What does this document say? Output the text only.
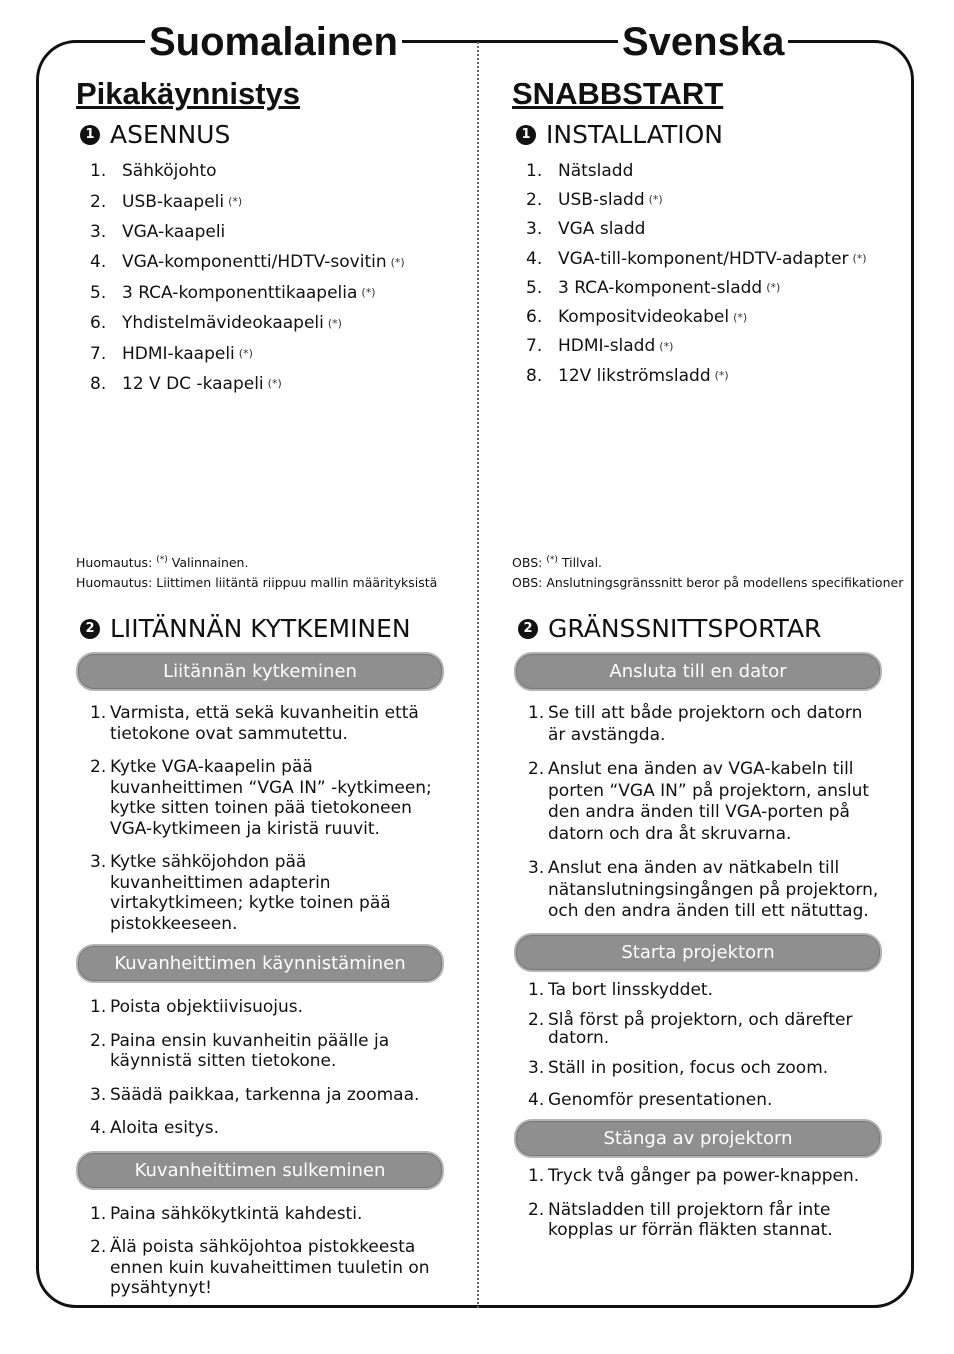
Suomalainen	Svenska
Pikakäynnistys
1 ASENNUS
1. Sähköjohto
2. USB-kaapeli (*)
3. VGA-kaapeli
4. VGA-komponentti/HDTV-sovitin (*)
5. 3 RCA-komponenttikaapelia (*)
6. Yhdistelmävideokaapeli (*)
7. HDMI-kaapeli (*)
8. 12 V DC -kaapeli (*)
Huomautus: (*) Valinnainen.
Huomautus: Liittimen liitäntä riippuu mallin määrityksistä
2 LIITÄNNÄN KYTKEMINEN
Liitännän kytkeminen
1. Varmista, että sekä kuvanheitin että tietokone ovat sammutettu.
2. Kytke VGA-kaapelin pää kuvanheittimen “VGA IN” -kytkimeen; kytke sitten toinen pää tietokoneen VGA-kytkimeen ja kiristä ruuvit.
3. Kytke sähköjohdon pää kuvanheittimen adapterin virtakytkimeen; kytke toinen pää pistokkeeseen.
Kuvanheittimen käynnistäminen
1. Poista objektiivisuojus.
2. Paina ensin kuvanheitin päälle ja käynnistä sitten tietokone.
3. Säädä paikkaa, tarkenna ja zoomaa.
4. Aloita esitys.
Kuvanheittimen sulkeminen
1. Paina sähkökytkintä kahdesti.
2. Älä poista sähköjohtoa pistokkeesta ennen kuin kuvaheittimen tuuletin on pysähtynyt!
SNABBSTART
1 INSTALLATION
1. Nätsladd
2. USB-sladd (*)
3. VGA sladd
4. VGA-till-komponent/HDTV-adapter (*)
5. 3 RCA-komponent-sladd (*)
6. Kompositvideokabel (*)
7. HDMI-sladd (*)
8. 12V likströmsladd (*)
OBS: (*) Tillval.
OBS: Anslutningsgränssnitt beror på modellens specifikationer
2 GRÄNSSNITTSPORTAR
Ansluta till en dator
1. Se till att både projektorn och datorn är avstängda.
2. Anslut ena änden av VGA-kabeln till porten “VGA IN” på projektorn, anslut den andra änden till VGA-porten på datorn och dra åt skruvarna.
3. Anslut ena änden av nätkabeln till nätanslutningsingången på projektorn, och den andra änden till ett nätuttag.
Starta projektorn
1. Ta bort linsskyddet.
2. Slå först på projektorn, och därefter datorn.
3. Ställ in position, focus och zoom.
4. Genomför presentationen.
Stänga av projektorn
1. Tryck två gånger pa power-knappen.
2. Nätsladden till projektorn får inte kopplas ur förrän fläkten stannat.
